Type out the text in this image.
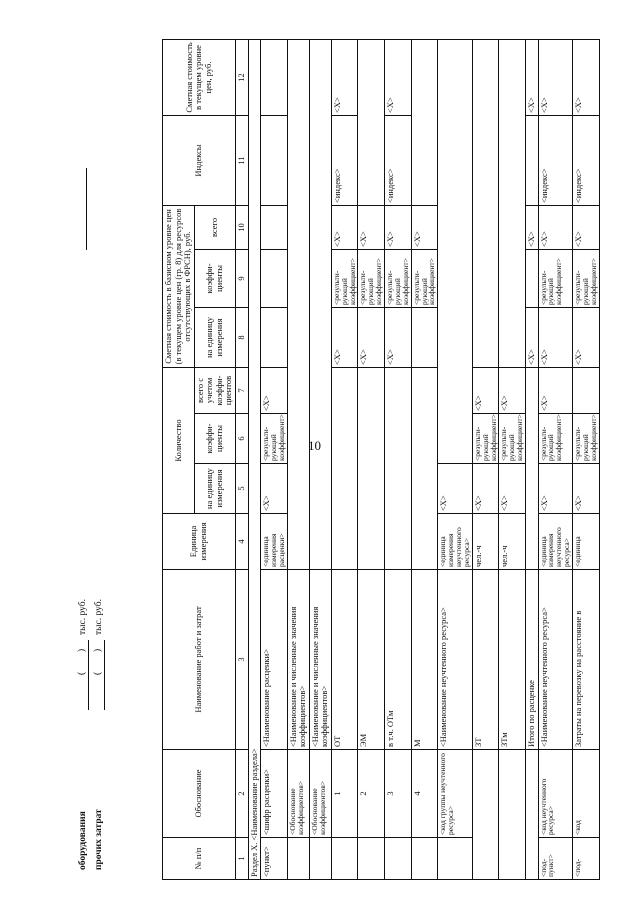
10
оборудования прочих затрат
(
)
(
)
тыс. руб. тыс. руб.
№ п/п	Обоснование	Наименование работ и затрат	Единица измерения	Количество			Сметная стоимость в базисном уровне цен (в текущем уровне цен (гр. 8) для ресурсов отсутствующих в ФРСН), руб.			Индексы	Сметная стоимость в текущем уровне цен, руб.
				на единицу измерения	коэффи-циенты	всего с учетом коэффи-циентов	на единицу измерения	коэффи-циенты	всего		
1	2	3	4	5	6	7	8	9	10	11	12
Раздел X. <Наименование раздела>											
<пункт>	<шифр расценки>	<Наименование расценки>	<единица измерения расценки>	<X>	<результи-рующий коэффициент>	<X>					
	<Обоснование коэффициентов>	<Наименование и численные значения коэффициентов>									
	<Обоснование коэффициентов>	<Наименование и численные значения коэффициентов>									
	1	ОТ					<X>	<результи-рующий коэффициент>	<X>	<индекс>	<X>
	2	ЭМ					<X>	<результи-рующий коэффициент>	<X>		
	3	в т.ч. ОТм					<X>	<результи-рующий коэффициент>	<X>	<индекс>	<X>
	4	М						<результи-рующий коэффициент>	<X>		
	<код группы неучтенного ресурса>	<Наименование неучтенного ресурса>	<единица измерения неучтенного ресурса>	<X>							
		ЗТ	чел.-ч	<X>	<результи-рующий коэффициент>	<X>					
		ЗТм	чел.-ч	<X>	<результи-рующий коэффициент>	<X>					
		Итого по расценке					<X>		<X>		<X>
<под-пункт>	<код неучтенного ресурса>	<Наименование неучтенного ресурса>	<единица измерения неучтенного ресурса>	<X>	<результи-рующий коэффициент>	<X>	<X>	<результи-рующий коэффициент>	<X>	<индекс>	<X>
<под-	<код	Затраты на перевозку на расстояние в	<единица	<X>	<результи-рующий коэффициент>		<X>	<результи-рующий коэффициент>	<X>	<индекс>	<X>
